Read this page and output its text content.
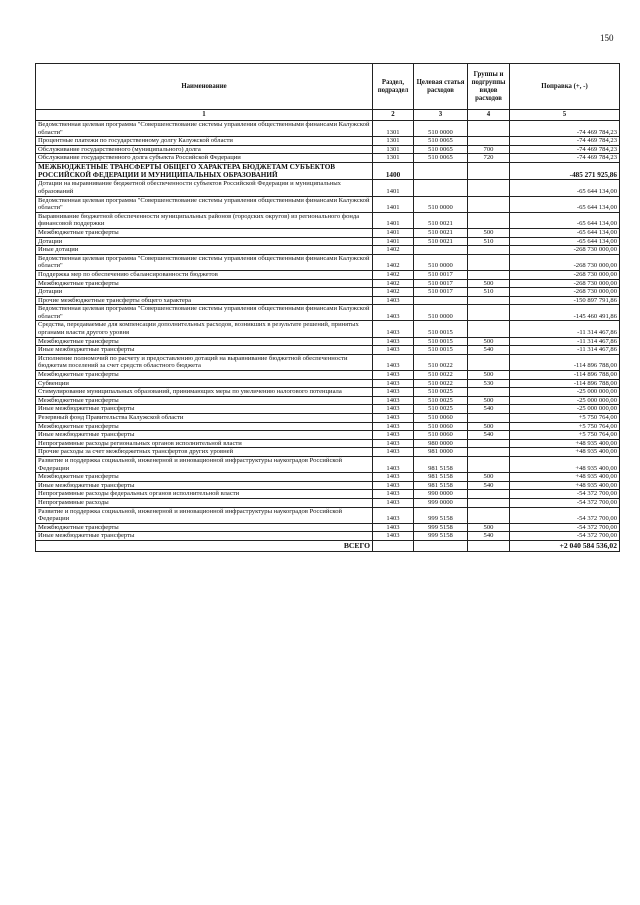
150
Наименование	Раздел, подраздел	Целевая статья расходов	Группы и подгруппы видов расходов	Поправка (+, -)
1	2	3	4	5
Ведомственная целевая программа "Совершенствование системы управления общественными финансами Калужской области"	1301	510 0000		-74 469 784,23
Процентные платежи по государственному долгу Калужской области	1301	510 0065		-74 469 784,23
Обслуживание государственного (муниципального) долга	1301	510 0065	700	-74 469 784,23
Обслуживание государственного долга субъекта Российской Федерации	1301	510 0065	720	-74 469 784,23
МЕЖБЮДЖЕТНЫЕ ТРАНСФЕРТЫ ОБЩЕГО ХАРАКТЕРА БЮДЖЕТАМ СУБЪЕКТОВ РОССИЙСКОЙ ФЕДЕРАЦИИ И МУНИЦИПАЛЬНЫХ ОБРАЗОВАНИЙ	1400			-485 271 925,86
Дотации на выравнивание бюджетной обеспеченности субъектов Российской Федерации и муниципальных образований	1401			-65 644 134,00
Ведомственная целевая программа "Совершенствование системы управления общественными финансами Калужской области"	1401	510 0000		-65 644 134,00
Выравнивание бюджетной обеспеченности муниципальных районов (городских округов) из регионального фонда финансовой поддержки	1401	510 0021		-65 644 134,00
Межбюджетные трансферты	1401	510 0021	500	-65 644 134,00
Дотации	1401	510 0021	510	-65 644 134,00
Иные дотации	1402			-268 730 000,00
Ведомственная целевая программа "Совершенствование системы управления общественными финансами Калужской области"	1402	510 0000		-268 730 000,00
Поддержка мер по обеспечению сбалансированности бюджетов	1402	510 0017		-268 730 000,00
Межбюджетные трансферты	1402	510 0017	500	-268 730 000,00
Дотации	1402	510 0017	510	-268 730 000,00
Прочие межбюджетные трансферты общего характера	1403			-150 897 791,86
Ведомственная целевая программа "Совершенствование системы управления общественными финансами Калужской области"	1403	510 0000		-145 460 491,86
Средства, передаваемые для компенсации дополнительных расходов, возникших в результате решений, принятых органами власти другого уровня	1403	510 0015		-11 314 467,86
Межбюджетные трансферты	1403	510 0015	500	-11 314 467,86
Иные межбюджетные трансферты	1403	510 0015	540	-11 314 467,86
Исполнение полномочий по расчету и предоставлению дотаций на выравнивание бюджетной обеспеченности бюджетам поселений за счет средств областного бюджета	1403	510 0022		-114 896 788,00
Межбюджетные трансферты	1403	510 0022	500	-114 896 788,00
Субвенции	1403	510 0022	530	-114 896 788,00
Стимулирование муниципальных образований, принимающих меры по увеличению налогового потенциала	1403	510 0025		-25 000 000,00
Межбюджетные трансферты	1403	510 0025	500	-25 000 000,00
Иные межбюджетные трансферты	1403	510 0025	540	-25 000 000,00
Резервный фонд Правительства Калужской области	1403	510 0060		+5 750 764,00
Межбюджетные трансферты	1403	510 0060	500	+5 750 764,00
Иные межбюджетные трансферты	1403	510 0060	540	+5 750 764,00
Непрограммные расходы региональных органов исполнительной власти	1403	980 0000		+48 935 400,00
Прочие расходы за счет межбюджетных трансфертов других уровней	1403	981 0000		+48 935 400,00
Развитие и поддержка социальной, инженерной и инновационной инфраструктуры наукоградов Российской Федерации	1403	981 5158		+48 935 400,00
Межбюджетные трансферты	1403	981 5158	500	+48 935 400,00
Иные межбюджетные трансферты	1403	981 5158	540	+48 935 400,00
Непрограммные расходы федеральных органов исполнительной власти	1403	990 0000		-54 372 700,00
Непрограммные расходы	1403	999 0000		-54 372 700,00
Развитие и поддержка социальной, инженерной и инновационной инфраструктуры наукоградов Российской Федерации	1403	999 5158		-54 372 700,00
Межбюджетные трансферты	1403	999 5158	500	-54 372 700,00
Иные межбюджетные трансферты	1403	999 5158	540	-54 372 700,00
ВСЕГО				+2 040 584 536,02
